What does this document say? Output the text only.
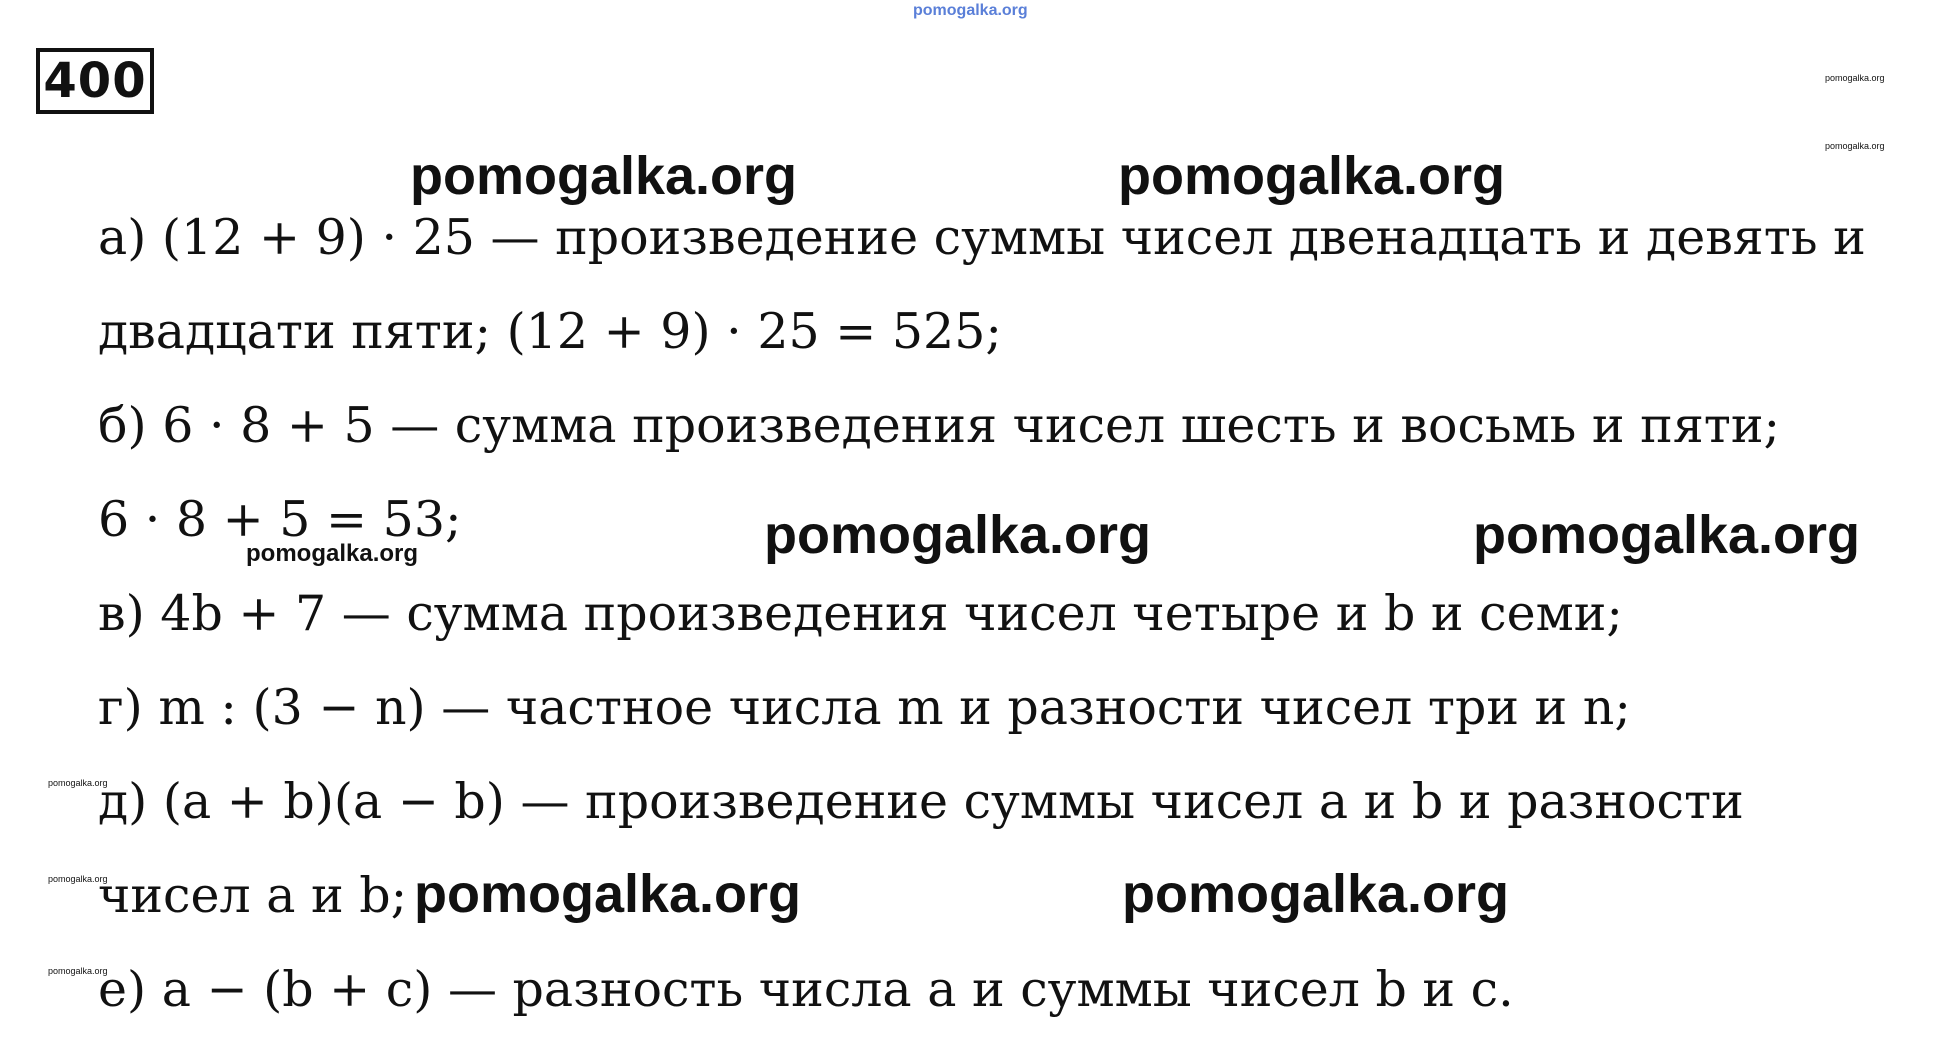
pomogalka.org
400	pomogalka.org
pomogalka.org
pomogalka.org	pomogalka.org
а) (12 + 9) · 25 — произведение суммы чисел двенадцать и девять и
двадцати пяти; (12 + 9) · 25 = 525;
б) 6 · 8 + 5 — сумма произведения чисел шесть и восьмь и пяти;
6 · 8 + 5 = 53;
pomogalka.org	pomogalka.org	pomogalka.org
в) 4b + 7 — сумма произведения чисел четыре и b и семи;
г) m : (3 − n) — частное числа m и разности чисел три и n;
pomogalka.org
д) (a + b)(a − b) — произведение суммы чисел a и b и разности
pomogalka.org
чисел a и b; pomogalka.org	pomogalka.org
pomogalka.org
е) a − (b + c) — разность числа a и суммы чисел b и c.
